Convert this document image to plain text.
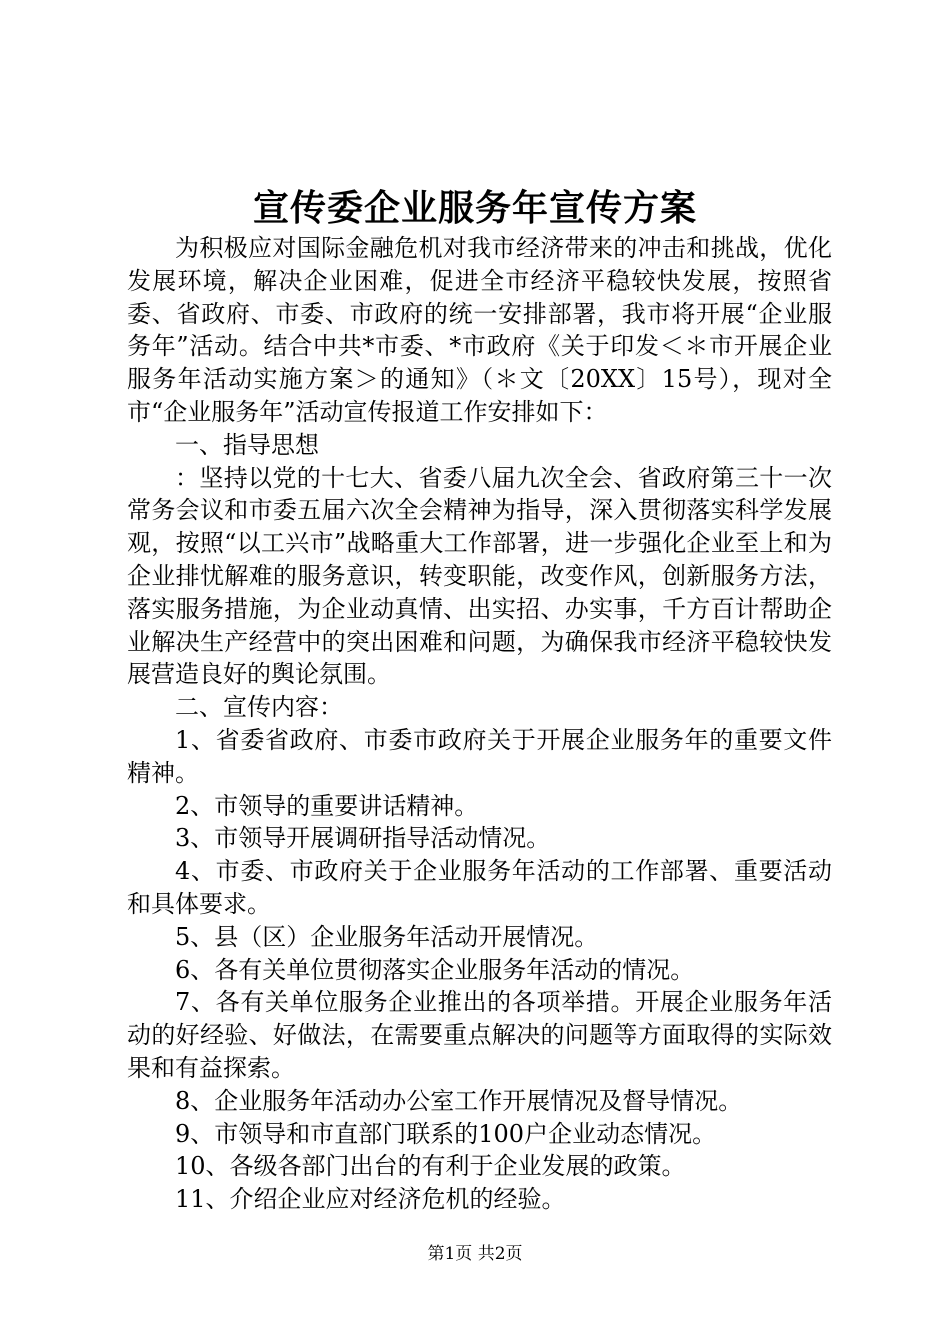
宣传委企业服务年宣传方案

为积极应对国际金融危机对我市经济带来的冲击和挑战，优化发展环境，解决企业困难，促进全市经济平稳较快发展，按照省委、省政府、市委、市政府的统一安排部署，我市将开展“企业服务年”活动。结合中共*市委、*市政府《关于印发＜＊市开展企业服务年活动实施方案＞的通知》（＊文〔20XX〕15号），现对全市“企业服务年”活动宣传报道工作安排如下：

一、指导思想

：坚持以党的十七大、省委八届九次全会、省政府第三十一次常务会议和市委五届六次全会精神为指导，深入贯彻落实科学发展观，按照“以工兴市”战略重大工作部署，进一步强化企业至上和为企业排忧解难的服务意识，转变职能，改变作风，创新服务方法，落实服务措施，为企业动真情、出实招、办实事，千方百计帮助企业解决生产经营中的突出困难和问题，为确保我市经济平稳较快发展营造良好的舆论氛围。

二、宣传内容：

1、省委省政府、市委市政府关于开展企业服务年的重要文件精神。

2、市领导的重要讲话精神。

3、市领导开展调研指导活动情况。

4、市委、市政府关于企业服务年活动的工作部署、重要活动和具体要求。

5、县（区）企业服务年活动开展情况。

6、各有关单位贯彻落实企业服务年活动的情况。

7、各有关单位服务企业推出的各项举措。开展企业服务年活动的好经验、好做法，在需要重点解决的问题等方面取得的实际效果和有益探索。

8、企业服务年活动办公室工作开展情况及督导情况。

9、市领导和市直部门联系的100户企业动态情况。

10、各级各部门出台的有利于企业发展的政策。

11、介绍企业应对经济危机的经验。

第1页 共2页
